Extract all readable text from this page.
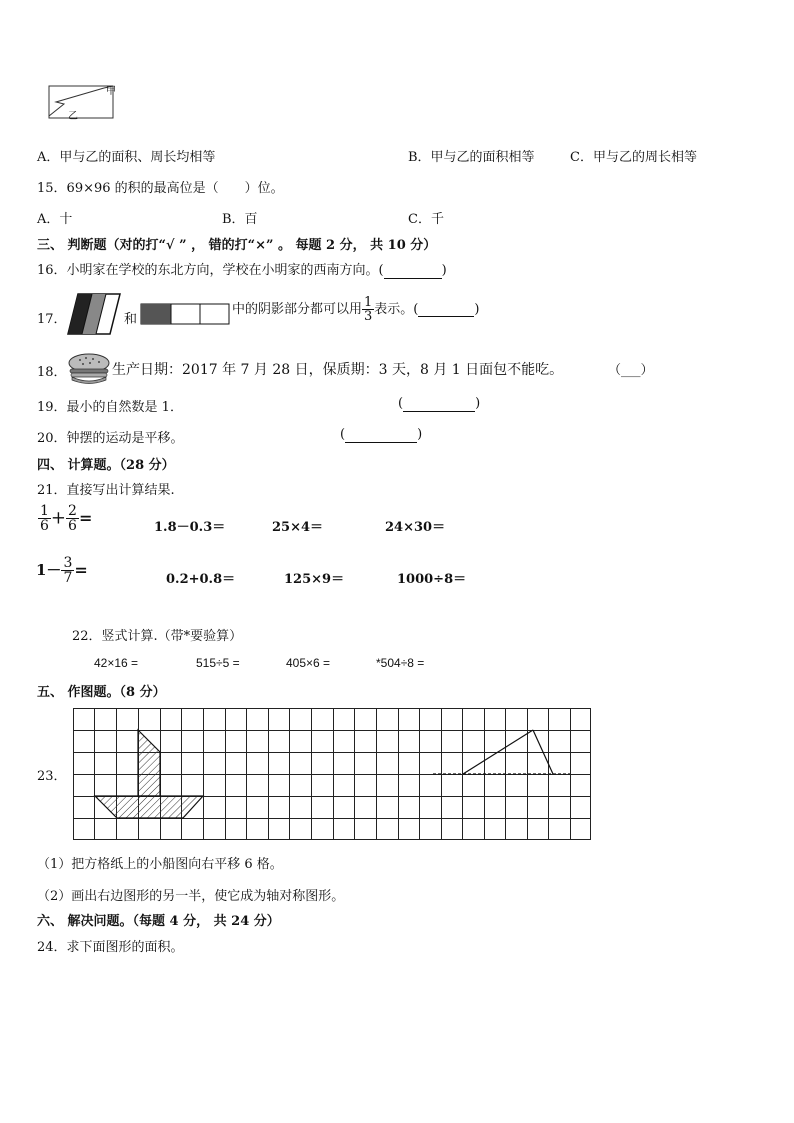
甲
乙
A．甲与乙的面积、周长均相等	B．甲与乙的面积相等	C．甲与乙的周长相等
15．69×96 的积的最高位是（　　）位。
A．十	B．百	C．千
三、 判断题（对的打“√ ” ， 错的打“×” 。 每题 2 分， 共 10 分）
16．小明家在学校的东北方向，学校在小明家的西南方向。(	)
17．	和
中的阴影部分都可以用 $\frac{1}{3}$ 表示。(	)
18．	生产日期：2017 年 7 月 28 日，保质期：3 天，8 月 1 日面包不能吃。	（___）
19．最小的自然数是 1．	(	)
20．钟摆的运动是平移。	(	)
四、 计算题。（28 分）
21．直接写出计算结果.
$\frac{1}{6} + \frac{2}{6}$ =	1.8－0.3＝	25×4＝	24×30＝
$1- \frac{3}{7}$ =	0.2+0.8＝	125×9＝	1000÷8＝
22．竖式计算.（带*要验算）
42×16 =	515÷5 =	405×6 =	*504÷8 =
五、 作图题。（8 分）
23．
（1）把方格纸上的小船图向右平移 6 格。
（2）画出右边图形的另一半，使它成为轴对称图形。
六、 解决问题。（每题 4 分， 共 24 分）
24．求下面图形的面积。
